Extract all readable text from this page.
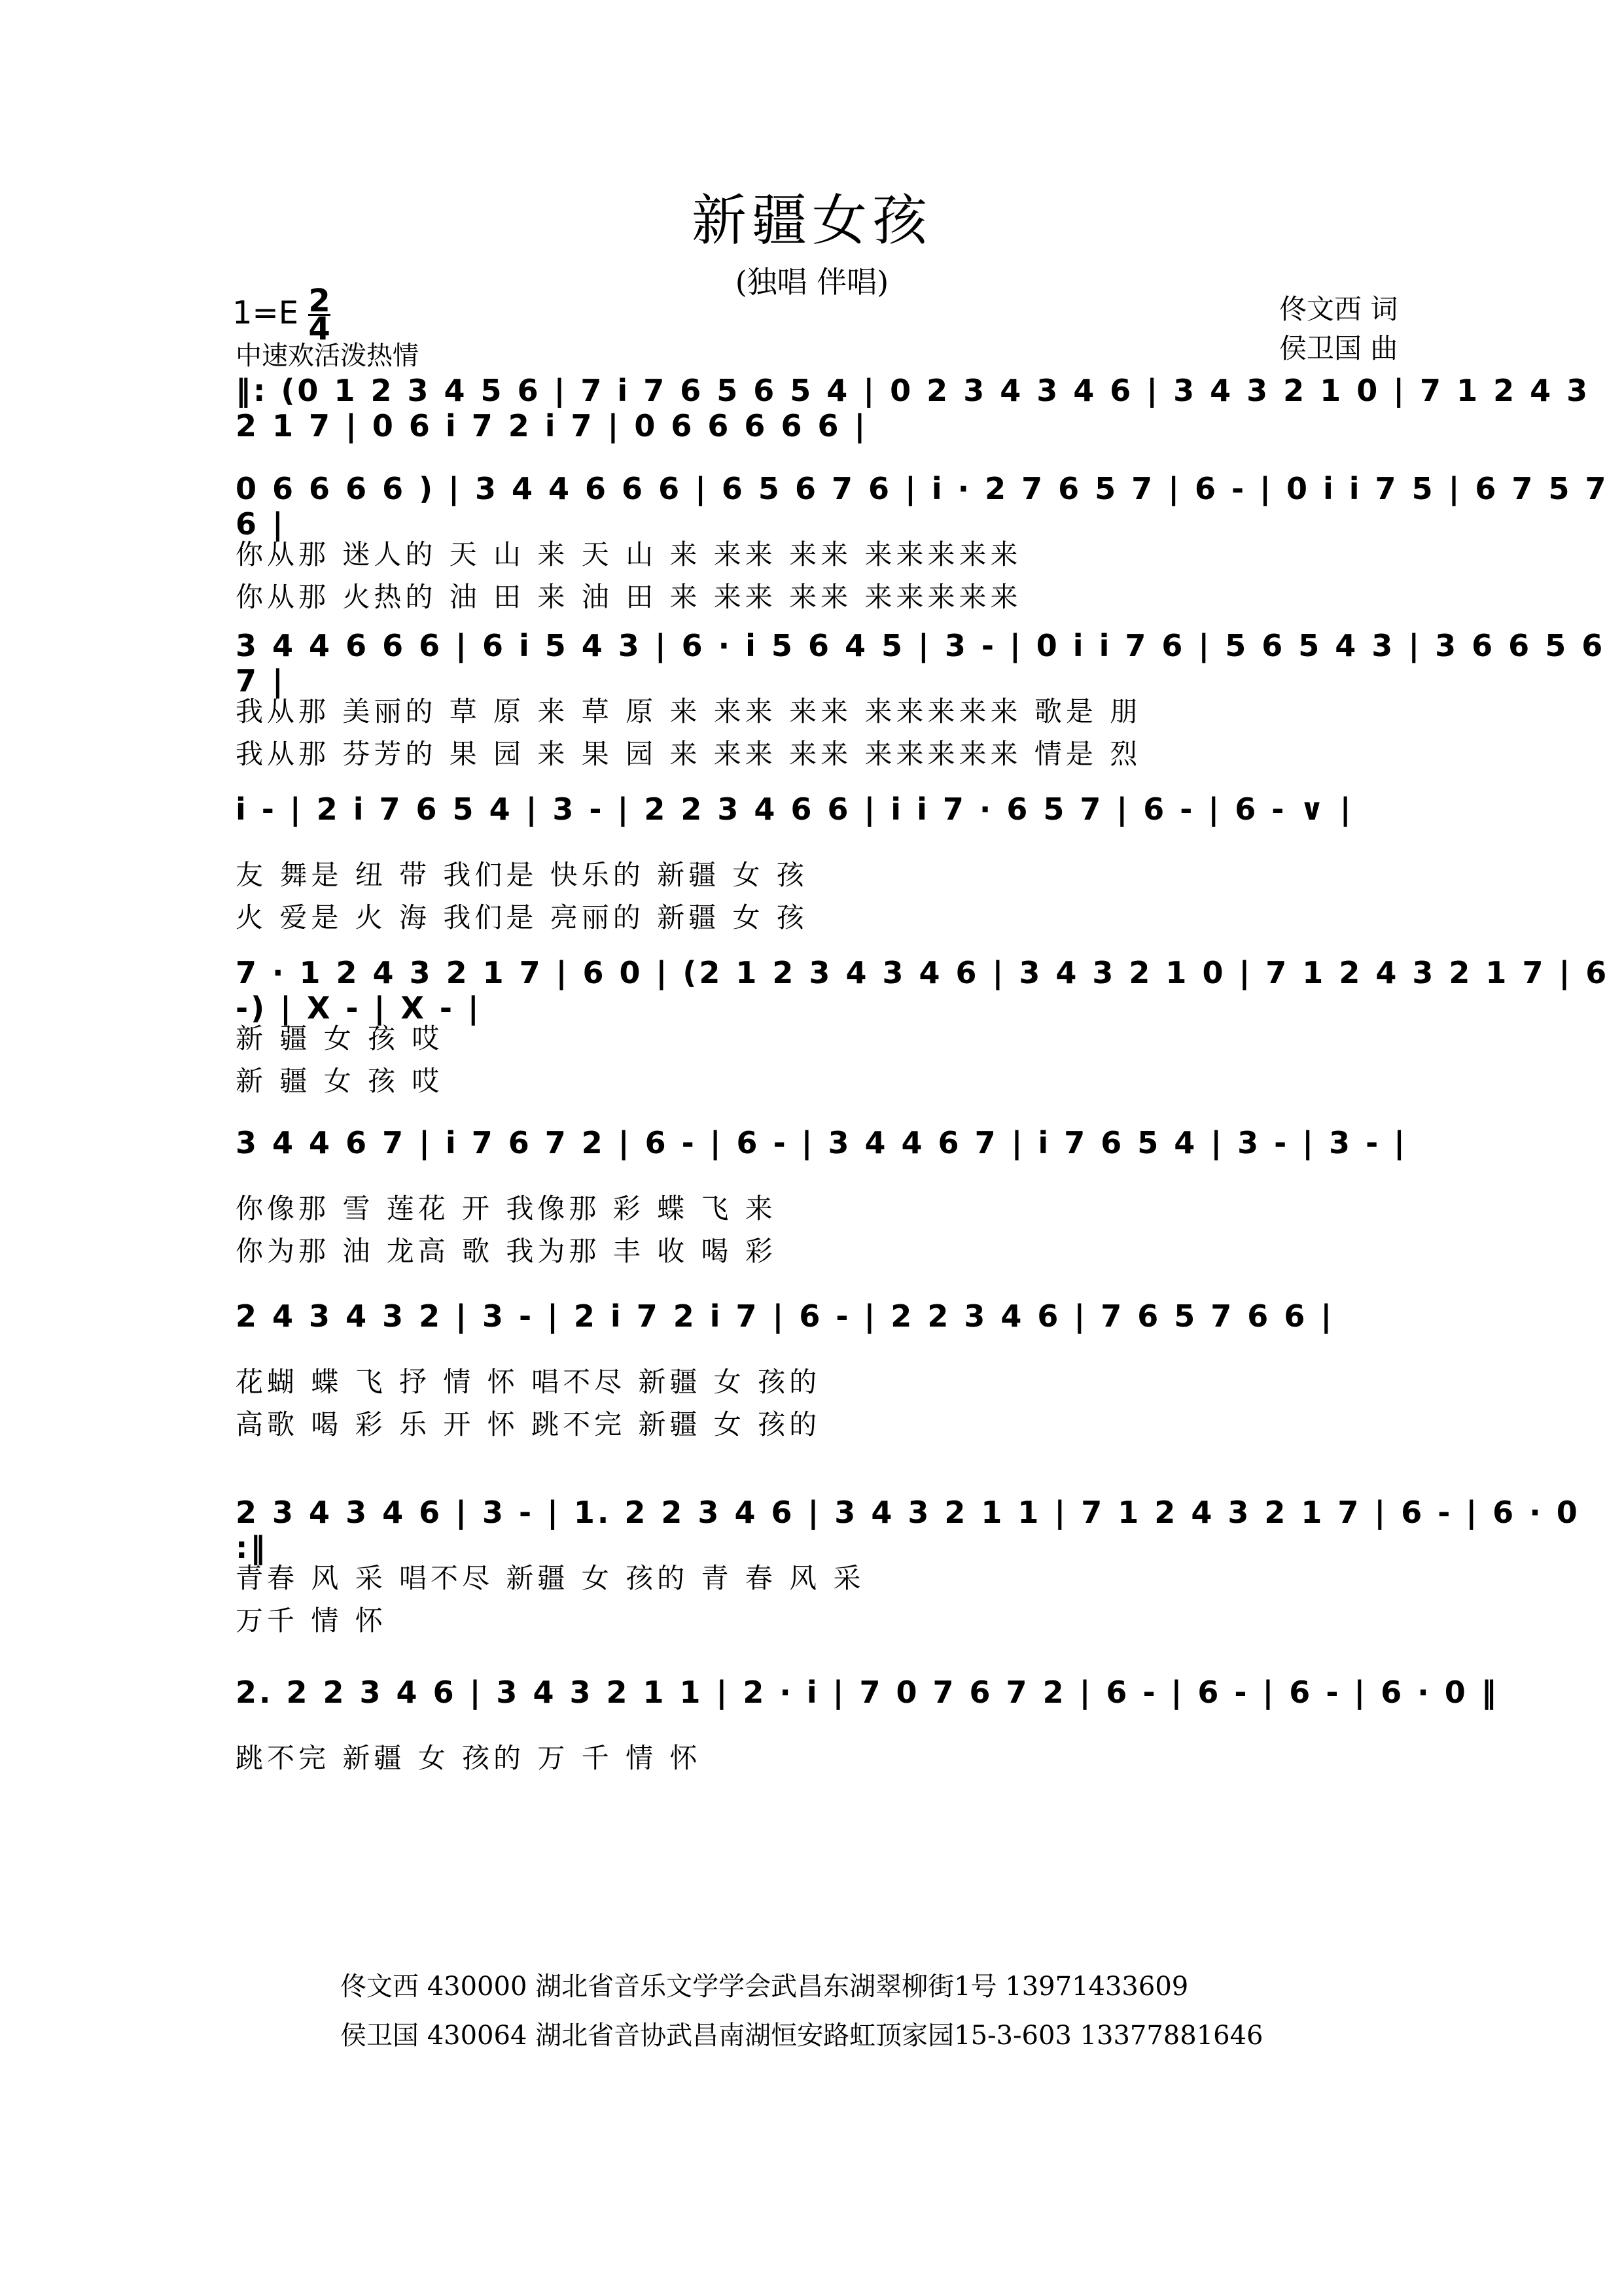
新疆女孩
(独唱 伴唱)
$1=E \frac{2}{4}$
中速欢活泼热情
佟文西 词
侯卫国 曲
‖: (0 1 2 3 4 5 6 | 7 i 7 6 5 6 5 4 | 0 2 3 4 3 4 6 | 3 4 3 2 1 0 | 7 1 2 4 3 2 1 7 | 0 6 i 7 2 i 7 | 0 6 6 6 6 6 |
0 6 6 6 6 ) | 3 4 4 6 6 6 | 6 5 6 7 6 | i · 2 7 6 5 7 | 6 - | 0 i i 7 5 | 6 7 5 7 6 |
你从那 迷人的 天 山 来 天 山 来 来来 来来 来来来来来
你从那 火热的 油 田 来 油 田 来 来来 来来 来来来来来
3 4 4 6 6 6 | 6 i 5 4 3 | 6 · i 5 6 4 5 | 3 - | 0 i i 7 6 | 5 6 5 4 3 | 3 6 6 5 6 7 |
我从那 美丽的 草 原 来 草 原 来 来来 来来 来来来来来 歌是 朋
我从那 芬芳的 果 园 来 果 园 来 来来 来来 来来来来来 情是 烈
i - | 2 i 7 6 5 4 | 3 - | 2 2 3 4 6 6 | i i 7 · 6 5 7 | 6 - | 6 - ∨ |
友 舞是 纽 带 我们是 快乐的 新疆 女 孩
火 爱是 火 海 我们是 亮丽的 新疆 女 孩
7 · 1 2 4 3 2 1 7 | 6 0 | (2 1 2 3 4 3 4 6 | 3 4 3 2 1 0 | 7 1 2 4 3 2 1 7 | 6 -) | X - | X - |
新 疆 女 孩 哎
新 疆 女 孩 哎
3 4 4 6 7 | i 7 6 7 2 | 6 - | 6 - | 3 4 4 6 7 | i 7 6 5 4 | 3 - | 3 - |
你像那 雪 莲花 开 我像那 彩 蝶 飞 来
你为那 油 龙高 歌 我为那 丰 收 喝 彩
2 4 3 4 3 2 | 3 - | 2 i 7 2 i 7 | 6 - | 2 2 3 4 6 | 7 6 5 7 6 6 |
花蝴 蝶 飞 抒 情 怀 唱不尽 新疆 女 孩的
高歌 喝 彩 乐 开 怀 跳不完 新疆 女 孩的
2 3 4 3 4 6 | 3 - | 1. 2 2 3 4 6 | 3 4 3 2 1 1 | 7 1 2 4 3 2 1 7 | 6 - | 6 · 0 :‖
青春 风 采 唱不尽 新疆 女 孩的 青 春 风 采
万千 情 怀
2. 2 2 3 4 6 | 3 4 3 2 1 1 | 2 · i | 7 0 7 6 7 2 | 6 - | 6 - | 6 - | 6 · 0 ‖
跳不完 新疆 女 孩的 万 千 情 怀
佟文西 430000 湖北省音乐文学学会武昌东湖翠柳街1号 13971433609
侯卫国 430064 湖北省音协武昌南湖恒安路虹顶家园15-3-603 13377881646
